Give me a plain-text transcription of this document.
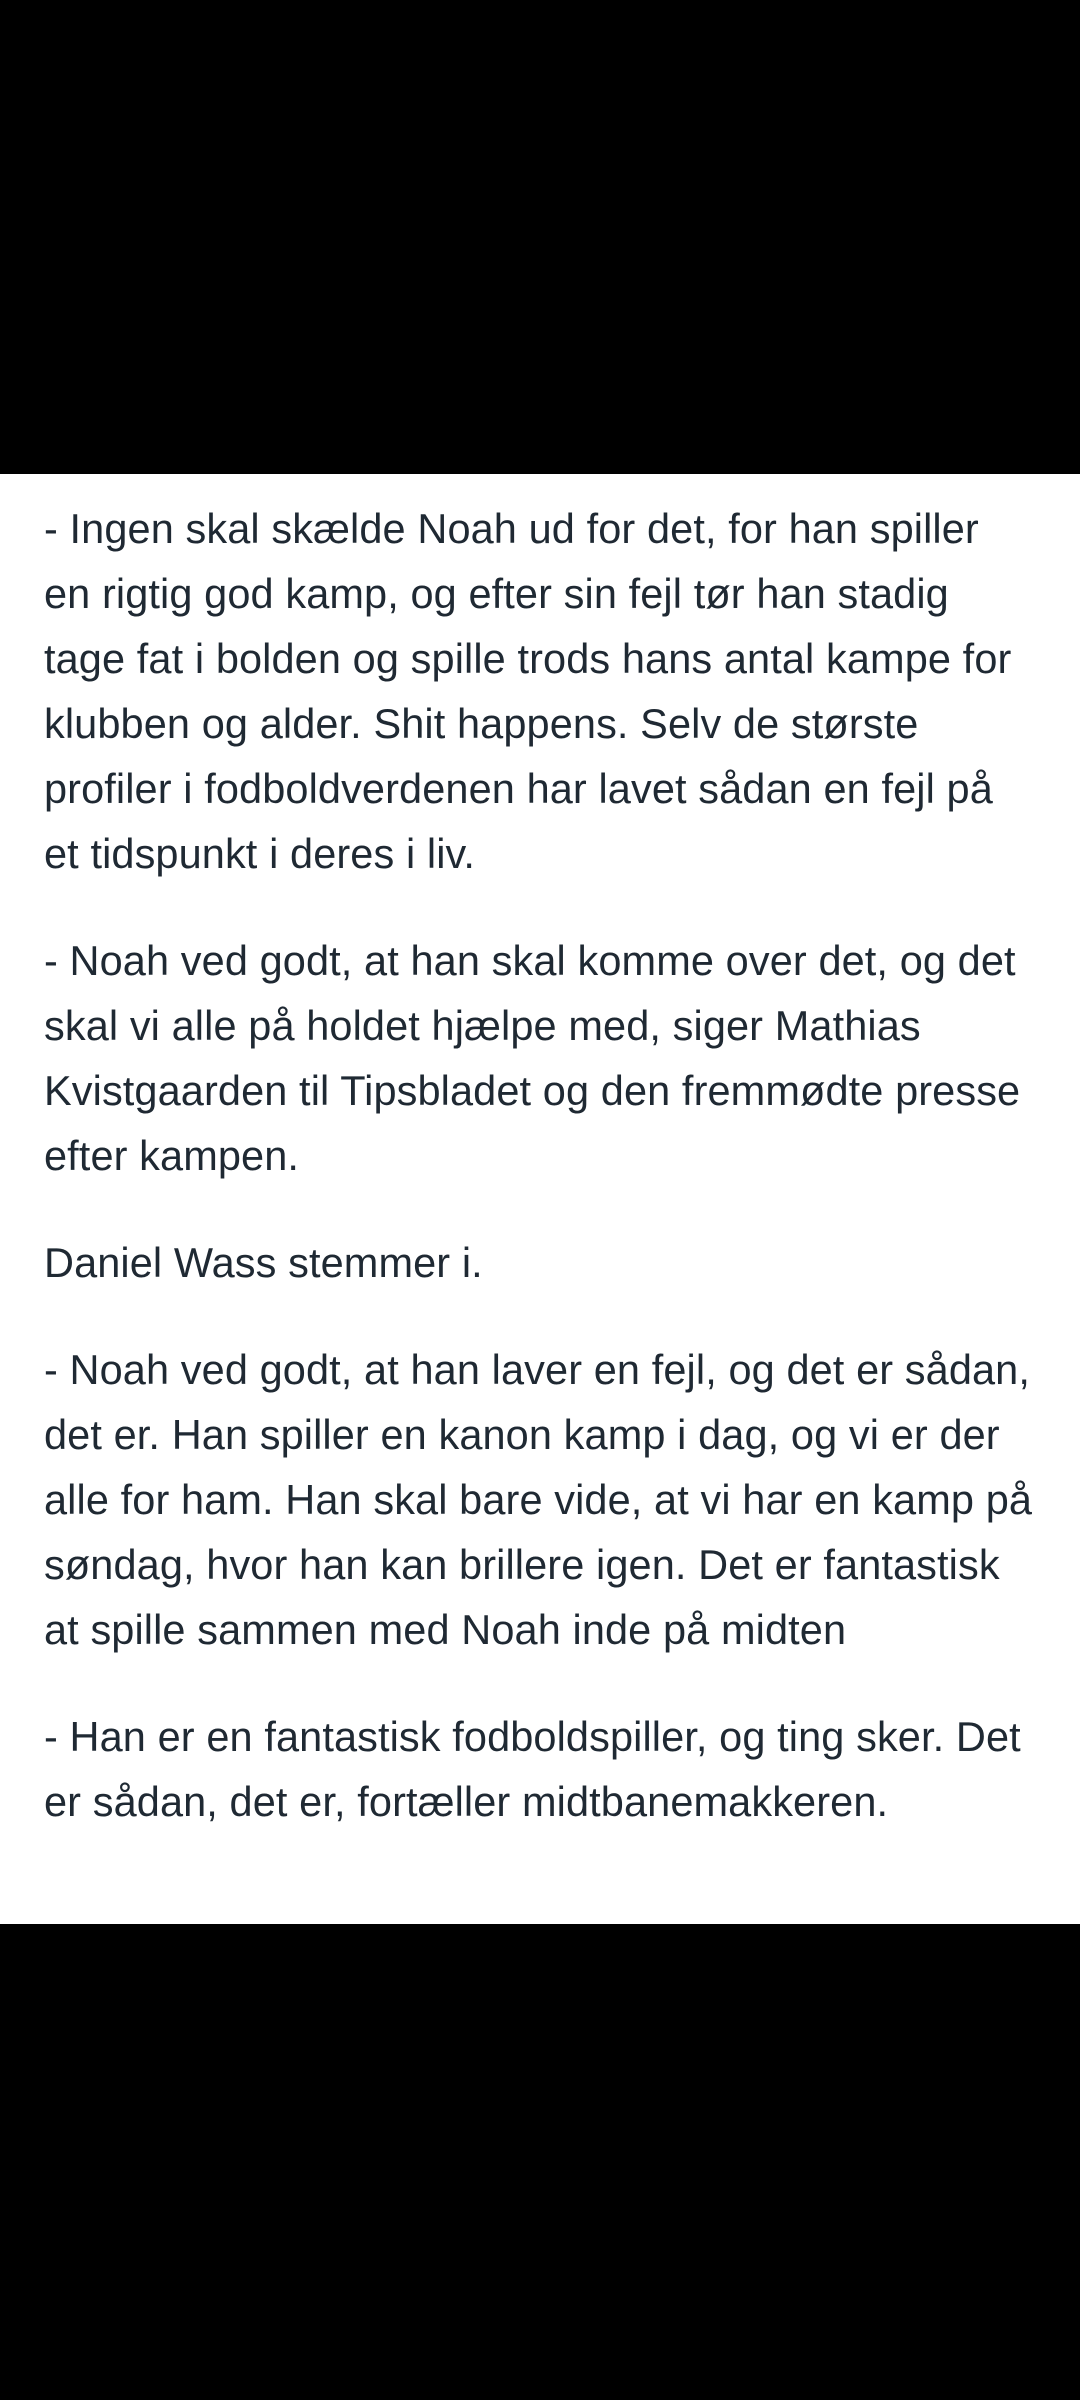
- Ingen skal skælde Noah ud for det, for han spiller en rigtig god kamp, og efter sin fejl tør han stadig tage fat i bolden og spille trods hans antal kampe for klubben og alder. Shit happens. Selv de største profiler i fodboldverdenen har lavet sådan en fejl på et tidspunkt i deres i liv.

- Noah ved godt, at han skal komme over det, og det skal vi alle på holdet hjælpe med, siger Mathias Kvistgaarden til Tipsbladet og den fremmødte presse efter kampen.

Daniel Wass stemmer i.

- Noah ved godt, at han laver en fejl, og det er sådan, det er. Han spiller en kanon kamp i dag, og vi er der alle for ham. Han skal bare vide, at vi har en kamp på søndag, hvor han kan brillere igen. Det er fantastisk at spille sammen med Noah inde på midten

- Han er en fantastisk fodboldspiller, og ting sker. Det er sådan, det er, fortæller midtbanemakkeren.
